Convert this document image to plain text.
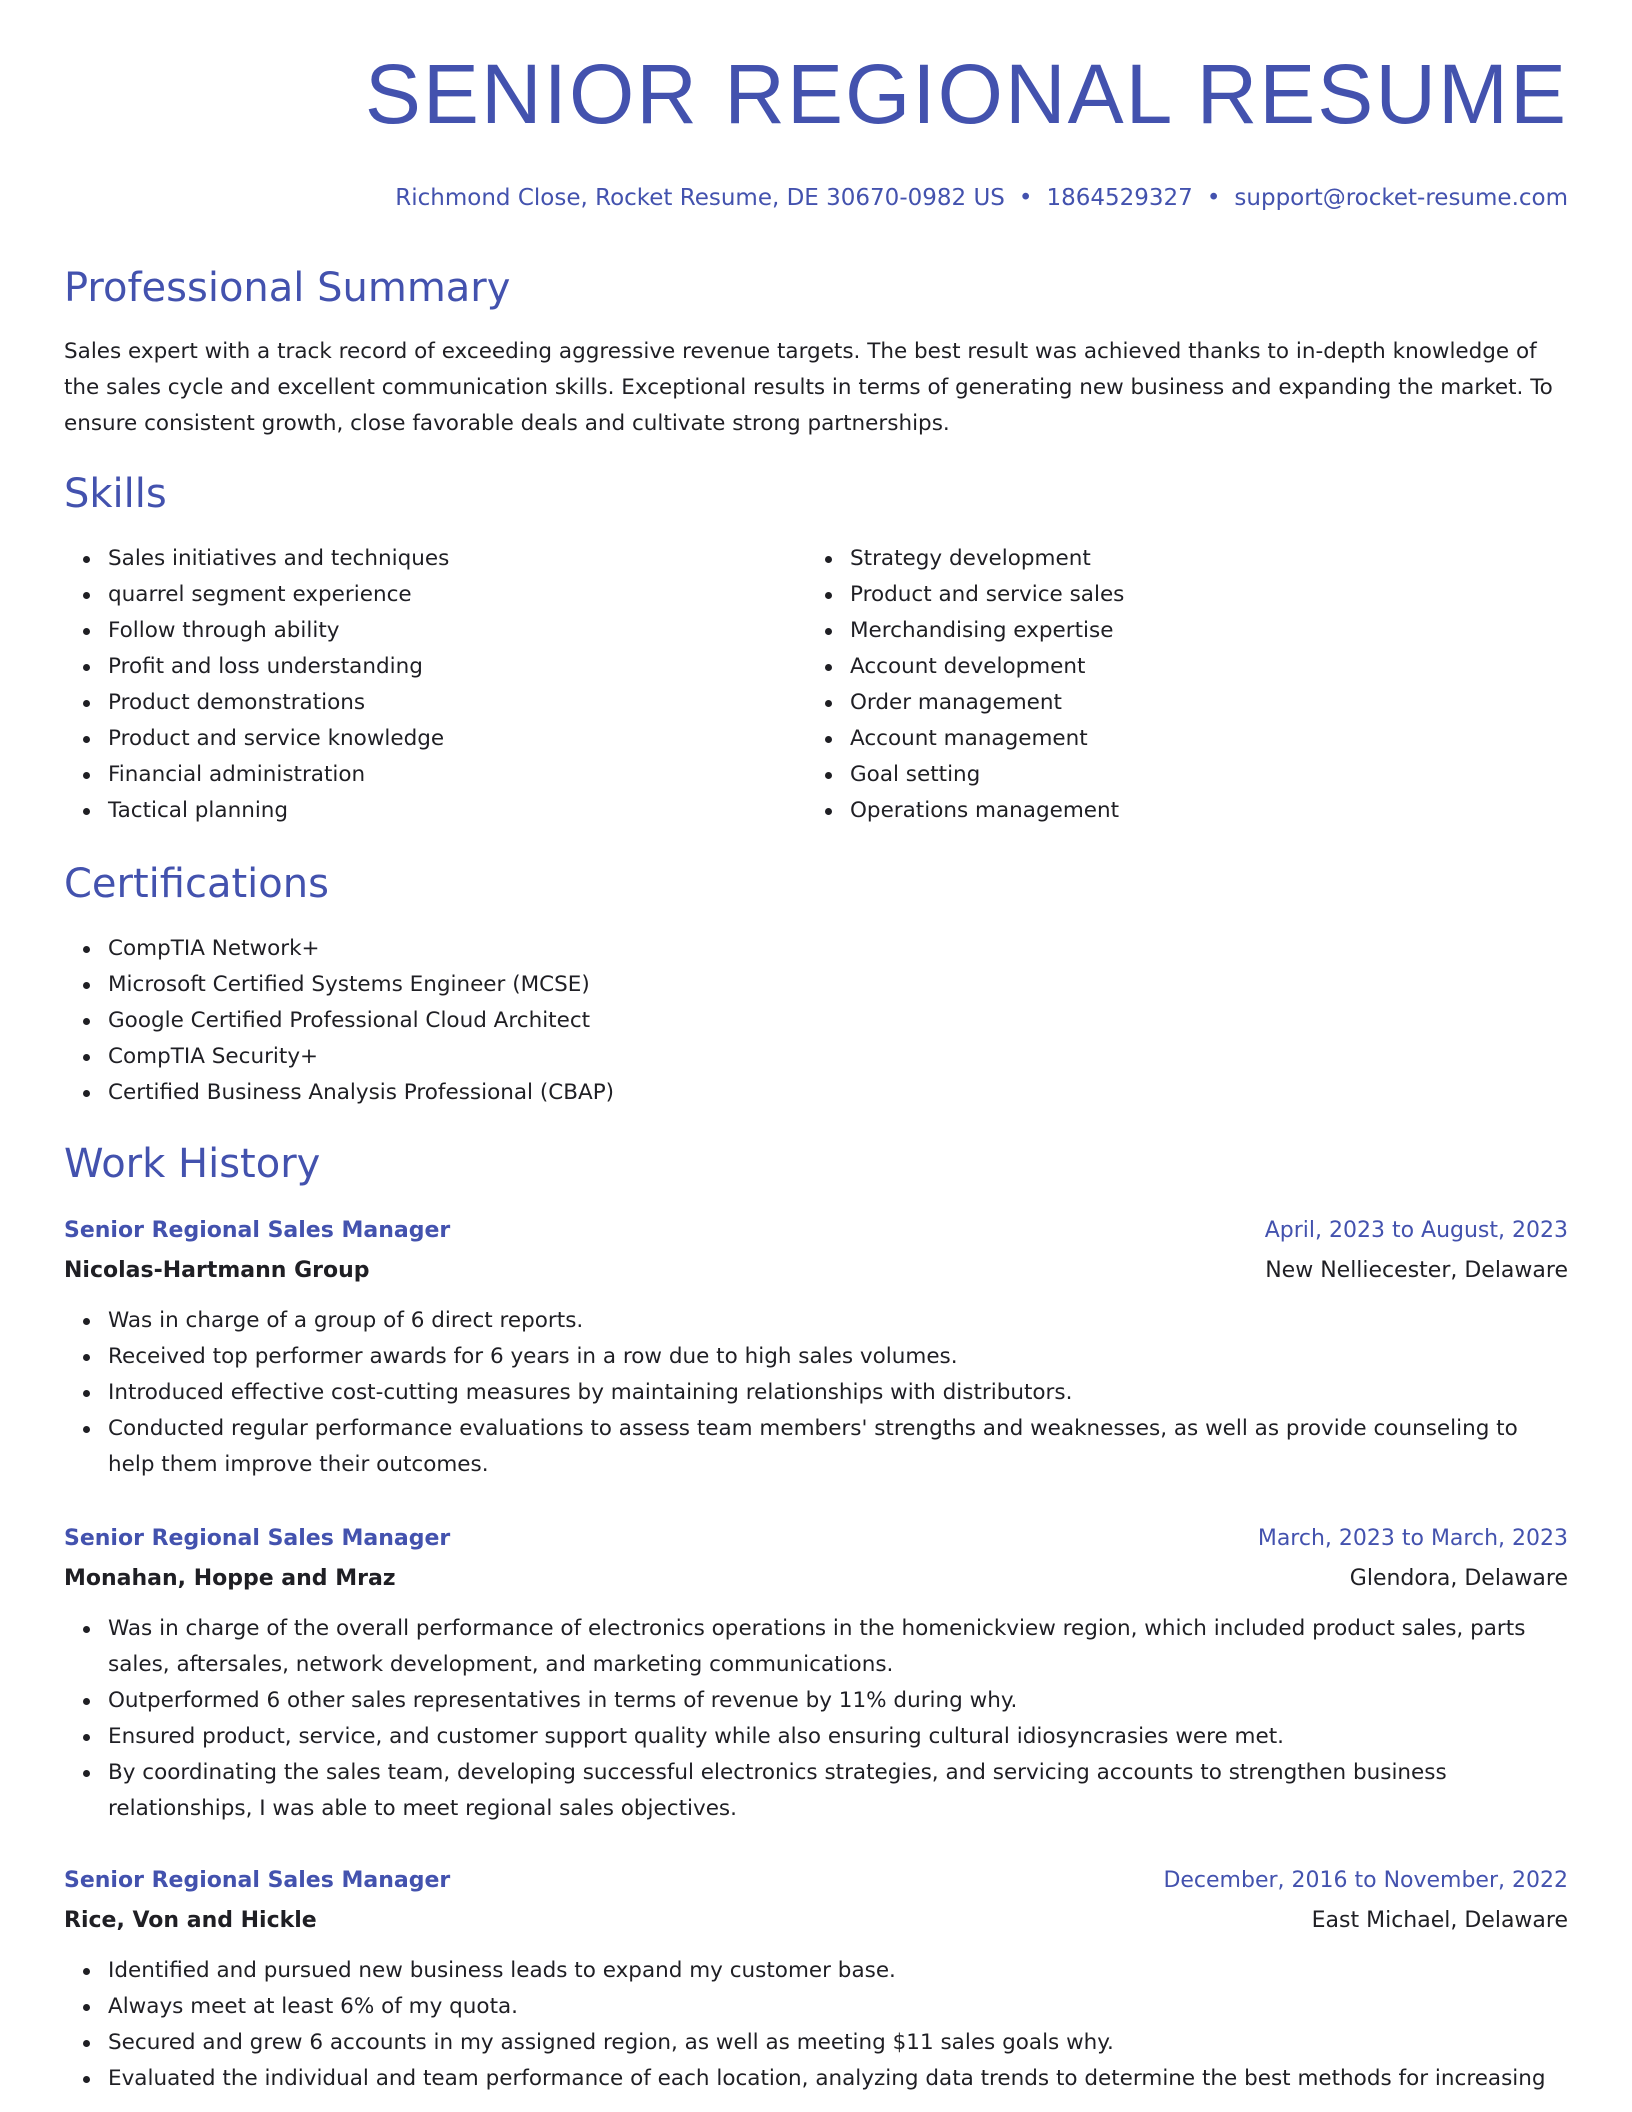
SENIOR REGIONAL RESUME
Richmond Close, Rocket Resume, DE 30670-0982 US • 1864529327 • support@rocket-resume.com
Professional Summary
Sales expert with a track record of exceeding aggressive revenue targets. The best result was achieved thanks to in-depth knowledge of the sales cycle and excellent communication skills. Exceptional results in terms of generating new business and expanding the market. To ensure consistent growth, close favorable deals and cultivate strong partnerships.
Skills
Sales initiatives and techniques
quarrel segment experience
Follow through ability
Profit and loss understanding
Product demonstrations
Product and service knowledge
Financial administration
Tactical planning
Strategy development
Product and service sales
Merchandising expertise
Account development
Order management
Account management
Goal setting
Operations management
Certifications
CompTIA Network+
Microsoft Certified Systems Engineer (MCSE)
Google Certified Professional Cloud Architect
CompTIA Security+
Certified Business Analysis Professional (CBAP)
Work History
Senior Regional Sales Manager	April, 2023 to August, 2023
Nicolas-Hartmann Group	New Nelliecester, Delaware
Was in charge of a group of 6 direct reports.
Received top performer awards for 6 years in a row due to high sales volumes.
Introduced effective cost-cutting measures by maintaining relationships with distributors.
Conducted regular performance evaluations to assess team members' strengths and weaknesses, as well as provide counseling to help them improve their outcomes.
Senior Regional Sales Manager	March, 2023 to March, 2023
Monahan, Hoppe and Mraz	Glendora, Delaware
Was in charge of the overall performance of electronics operations in the homenickview region, which included product sales, parts sales, aftersales, network development, and marketing communications.
Outperformed 6 other sales representatives in terms of revenue by 11% during why.
Ensured product, service, and customer support quality while also ensuring cultural idiosyncrasies were met.
By coordinating the sales team, developing successful electronics strategies, and servicing accounts to strengthen business relationships, I was able to meet regional sales objectives.
Senior Regional Sales Manager	December, 2016 to November, 2022
Rice, Von and Hickle	East Michael, Delaware
Identified and pursued new business leads to expand my customer base.
Always meet at least 6% of my quota.
Secured and grew 6 accounts in my assigned region, as well as meeting $11 sales goals why.
Evaluated the individual and team performance of each location, analyzing data trends to determine the best methods for increasing
